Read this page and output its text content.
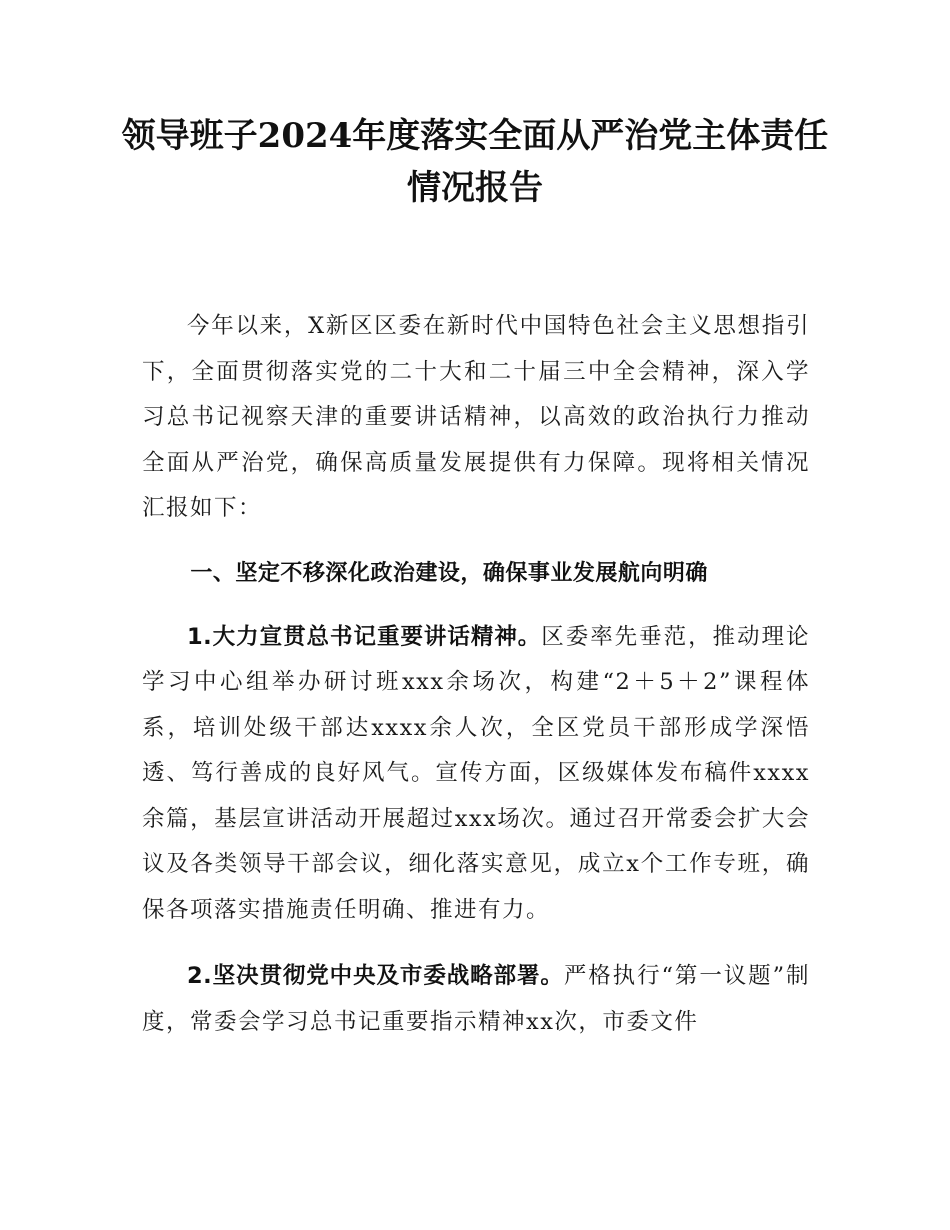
领导班子2024年度落实全面从严治党主体责任情况报告

今年以来，X新区区委在新时代中国特色社会主义思想指引下，全面贯彻落实党的二十大和二十届三中全会精神，深入学习总书记视察天津的重要讲话精神，以高效的政治执行力推动全面从严治党，确保高质量发展提供有力保障。现将相关情况汇报如下：

一、坚定不移深化政治建设，确保事业发展航向明确

1.大力宣贯总书记重要讲话精神。区委率先垂范，推动理论学习中心组举办研讨班xxx余场次，构建“2＋5＋2”课程体系，培训处级干部达xxxx余人次，全区党员干部形成学深悟透、笃行善成的良好风气。宣传方面，区级媒体发布稿件xxxx余篇，基层宣讲活动开展超过xxx场次。通过召开常委会扩大会议及各类领导干部会议，细化落实意见，成立x个工作专班，确保各项落实措施责任明确、推进有力。

2.坚决贯彻党中央及市委战略部署。严格执行“第一议题”制度，常委会学习总书记重要指示精神xx次，市委文件
